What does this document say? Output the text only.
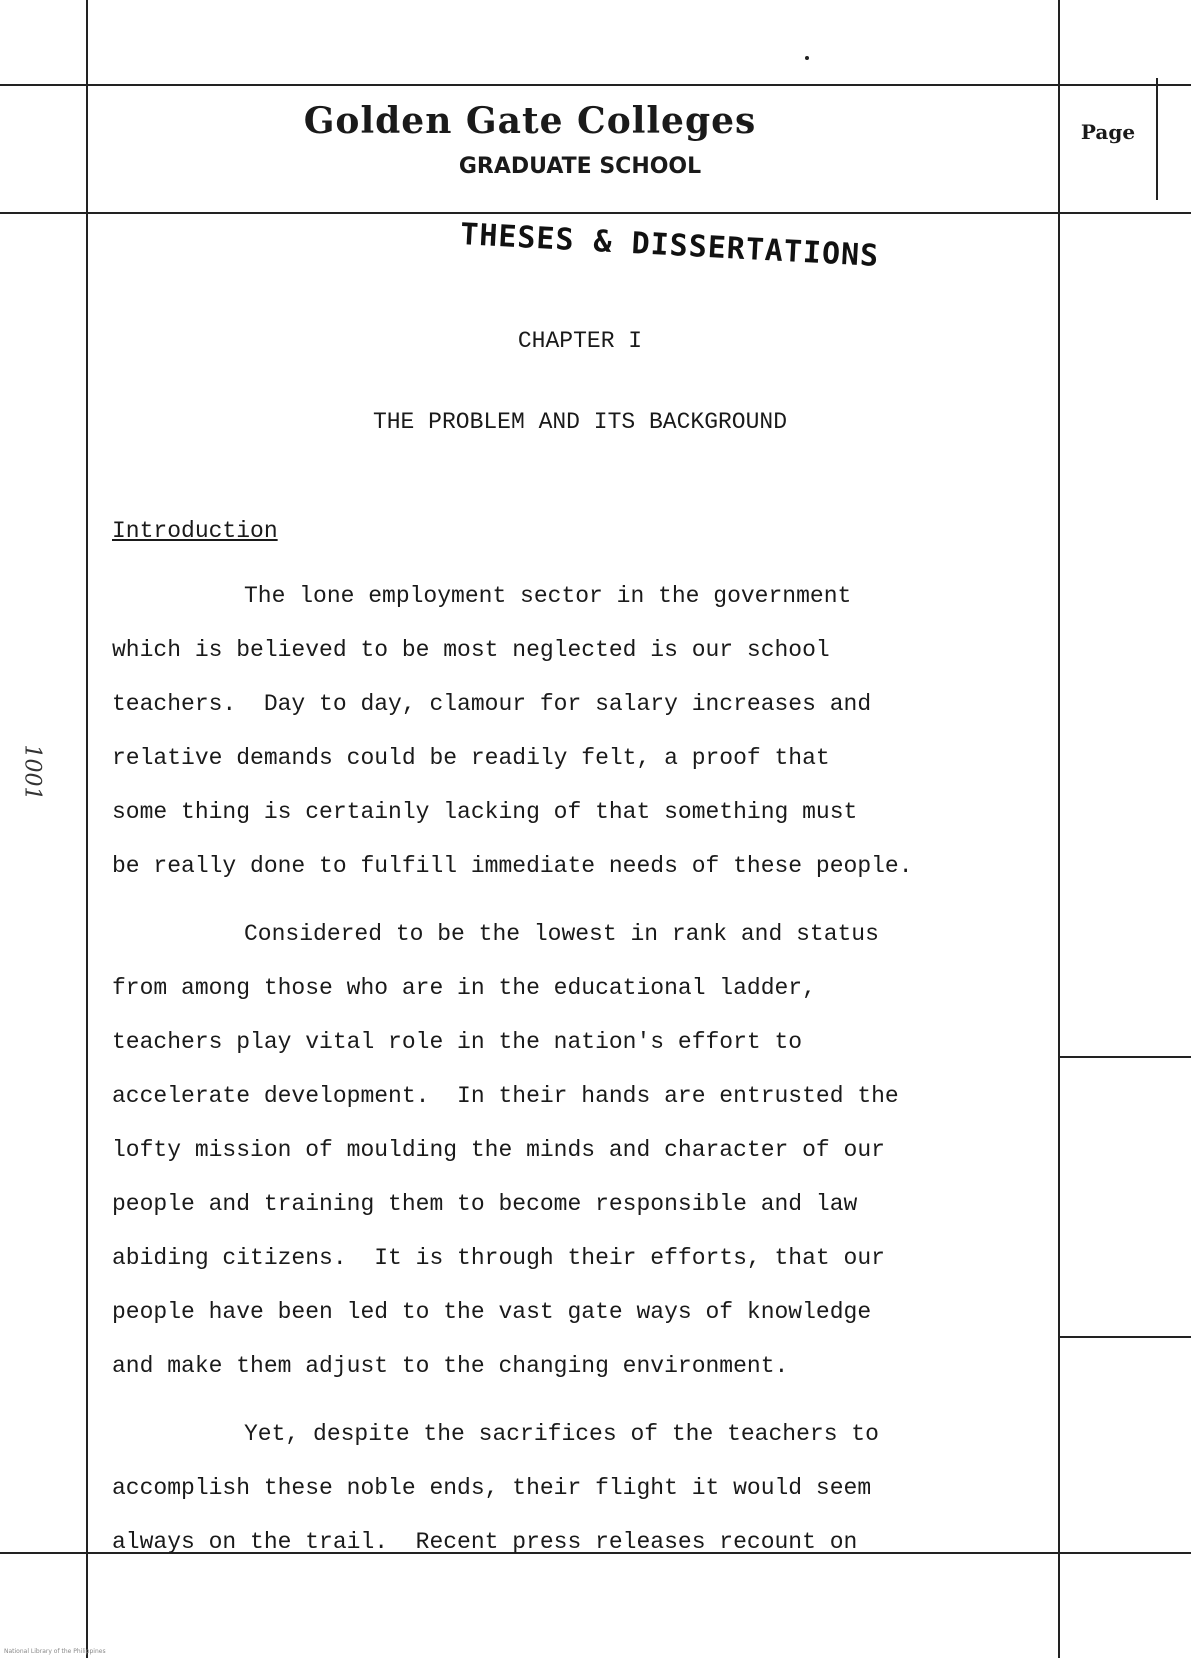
Golden Gate Colleges
GRADUATE SCHOOL
Page
THESES & DISSERTATIONS
CHAPTER I
THE PROBLEM AND ITS BACKGROUND
Introduction
The lone employment sector in the government
which is believed to be most neglected is our school
teachers.  Day to day, clamour for salary increases and
relative demands could be readily felt, a proof that
some thing is certainly lacking of that something must
be really done to fulfill immediate needs of these people.
Considered to be the lowest in rank and status
from among those who are in the educational ladder,
teachers play vital role in the nation's effort to
accelerate development.  In their hands are entrusted the
lofty mission of moulding the minds and character of our
people and training them to become responsible and law
abiding citizens.  It is through their efforts, that our
people have been led to the vast gate ways of knowledge
and make them adjust to the changing environment.
Yet, despite the sacrifices of the teachers to
accomplish these noble ends, their flight it would seem
always on the trail.  Recent press releases recount on
1001
National Library of the Philippines
